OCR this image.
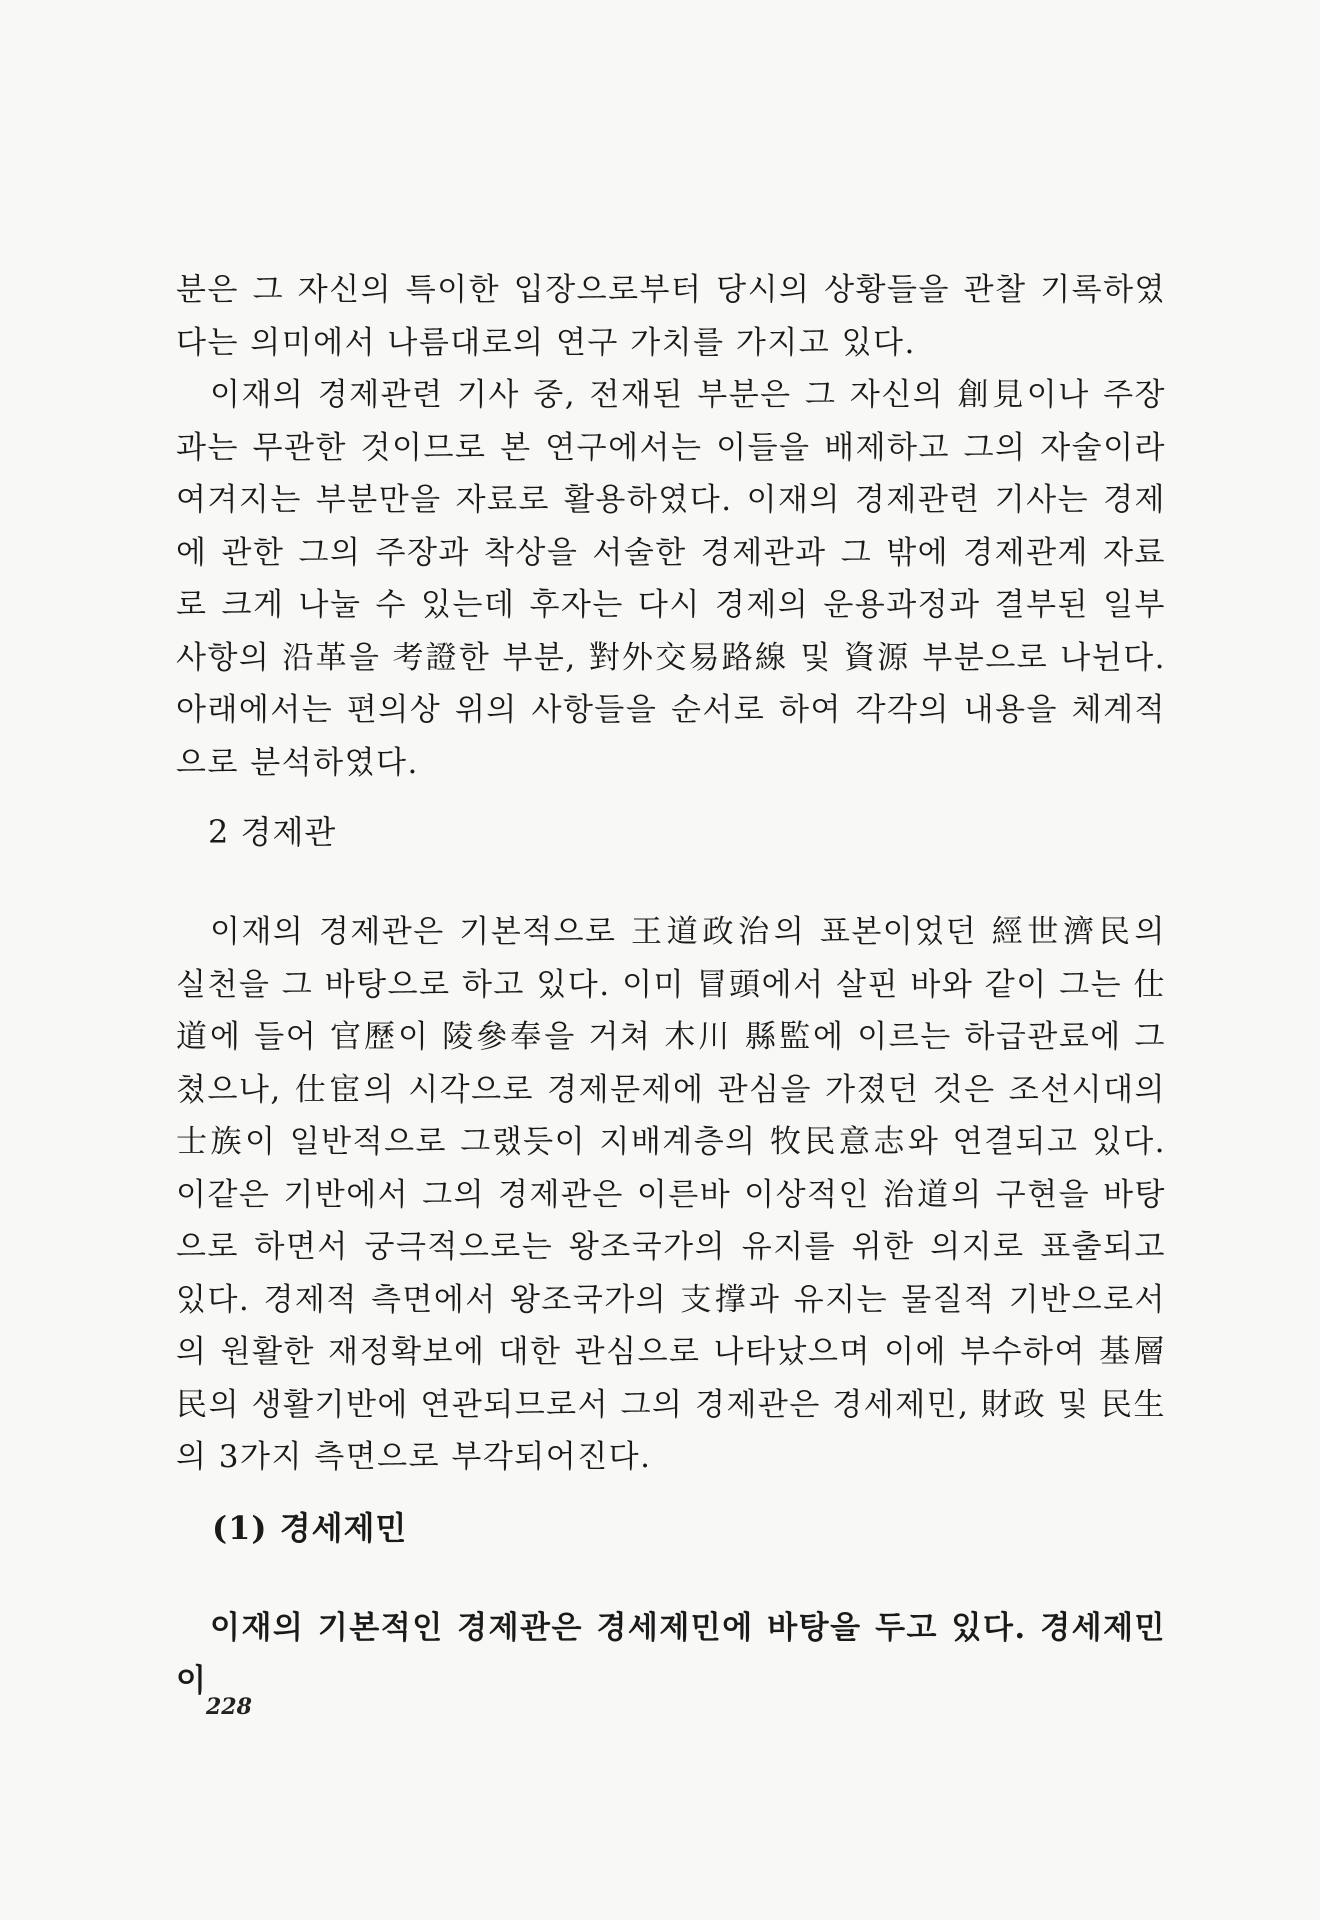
분은 그 자신의 특이한 입장으로부터 당시의 상황들을 관찰 기록하였다는 의미에서 나름대로의 연구 가치를 가지고 있다.

이재의 경제관련 기사 중, 전재된 부분은 그 자신의 創見이나 주장과는 무관한 것이므로 본 연구에서는 이들을 배제하고 그의 자술이라 여겨지는 부분만을 자료로 활용하였다. 이재의 경제관련 기사는 경제에 관한 그의 주장과 착상을 서술한 경제관과 그 밖에 경제관계 자료로 크게 나눌 수 있는데 후자는 다시 경제의 운용과정과 결부된 일부 사항의 沿革을 考證한 부분, 對外交易路線 및 資源 부분으로 나뉜다. 아래에서는 편의상 위의 사항들을 순서로 하여 각각의 내용을 체계적으로 분석하였다.

2 경제관

이재의 경제관은 기본적으로 王道政治의 표본이었던 經世濟民의 실천을 그 바탕으로 하고 있다. 이미 冒頭에서 살핀 바와 같이 그는 仕道에 들어 官歷이 陵參奉을 거쳐 木川 縣監에 이르는 하급관료에 그쳤으나, 仕宦의 시각으로 경제문제에 관심을 가졌던 것은 조선시대의 士族이 일반적으로 그랬듯이 지배계층의 牧民意志와 연결되고 있다. 이같은 기반에서 그의 경제관은 이른바 이상적인 治道의 구현을 바탕으로 하면서 궁극적으로는 왕조국가의 유지를 위한 의지로 표출되고 있다. 경제적 측면에서 왕조국가의 支撑과 유지는 물질적 기반으로서의 원활한 재정확보에 대한 관심으로 나타났으며 이에 부수하여 基層民의 생활기반에 연관되므로서 그의 경제관은 경세제민, 財政 및 民生의 3가지 측면으로 부각되어진다.

(1) 경세제민

이재의 기본적인 경제관은 경세제민에 바탕을 두고 있다. 경세제민이

228
